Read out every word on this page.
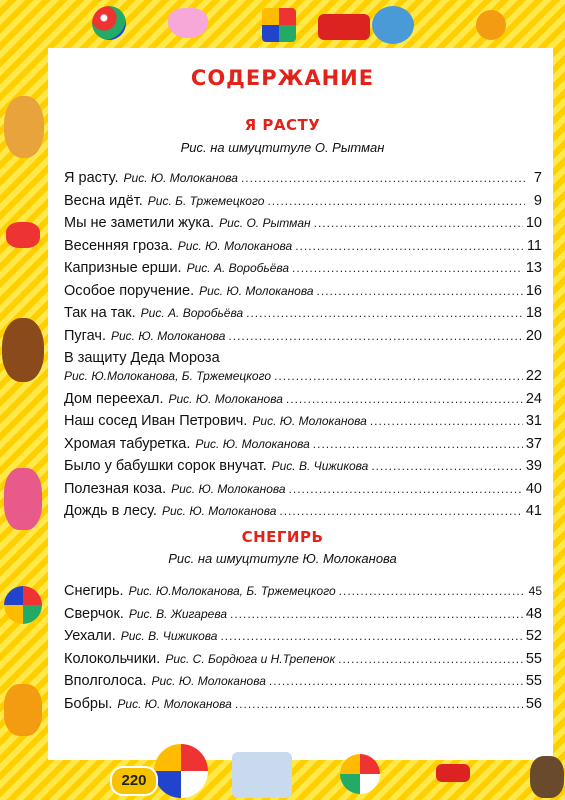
СОДЕРЖАНИЕ
Я РАСТУ
Рис. на шмуцтитуле О. Рытман
Я расту. Рис. Ю. Молоканова .....	7
Весна идёт. Рис. Б. Тржемецкого .....	9
Мы не заметили жука. Рис. О. Рытман .....	10
Весенняя гроза. Рис. Ю. Молоканова .....	11
Капризные ерши. Рис. А. Воробьёва .....	13
Особое поручение. Рис. Ю. Молоканова .....	16
Так на так. Рис. А. Воробьёва .....	18
Пугач. Рис. Ю. Молоканова .....	20
В защиту Деда Мороза
Рис. Ю.Молоканова, Б. Тржемецкого .....	22
Дом переехал. Рис. Ю. Молоканова .....	24
Наш сосед Иван Петрович. Рис. Ю. Молоканова .....	31
Хромая табуретка. Рис. Ю. Молоканова .....	37
Было у бабушки сорок внучат. Рис. В. Чижикова .....	39
Полезная коза. Рис. Ю. Молоканова .....	40
Дождь в лесу. Рис. Ю. Молоканова .....	41
СНЕГИРЬ
Рис. на шмуцтитуле Ю. Молоканова
Снегирь. Рис. Ю.Молоканова, Б. Тржемецкого .....	45
Сверчок. Рис. В. Жигарева .....	48
Уехали. Рис. В. Чижикова .....	52
Колокольчики. Рис. С. Бордюга и Н.Трепенок .....	55
Вполголоса. Рис. Ю. Молоканова .....	55
Бобры. Рис. Ю. Молоканова .....	56
220
